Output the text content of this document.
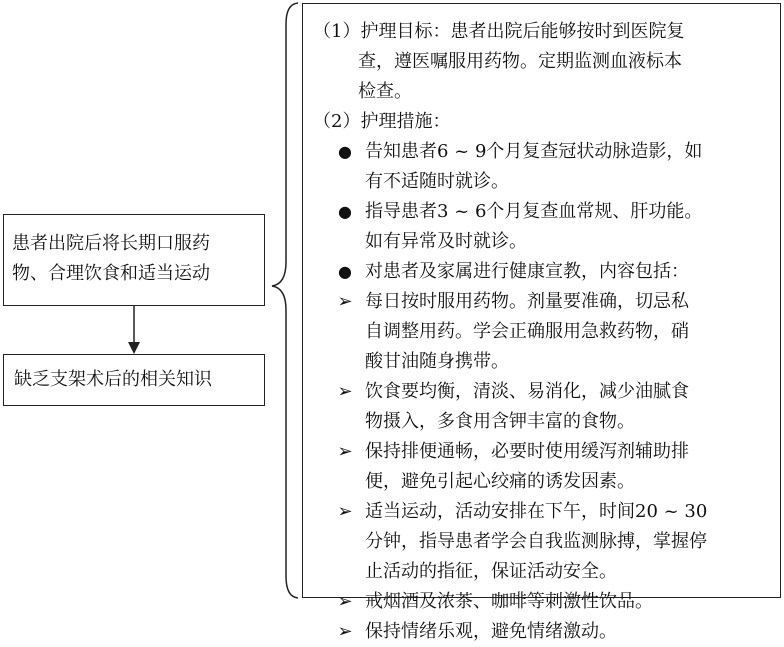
患者出院后将长期口服药
物、合理饮食和适当运动
缺乏支架术后的相关知识
（1）护理目标：患者出院后能够按时到医院复
查，遵医嘱服用药物。定期监测血液标本
检查。
（2）护理措施：
● 告知患者6 ~ 9个月复查冠状动脉造影，如
有不适随时就诊。
● 指导患者3 ~ 6个月复查血常规、肝功能。
如有异常及时就诊。
● 对患者及家属进行健康宣教，内容包括：
➢ 每日按时服用药物。剂量要准确，切忌私
自调整用药。学会正确服用急救药物，硝
酸甘油随身携带。
➢ 饮食要均衡，清淡、易消化，减少油腻食
物摄入，多食用含钾丰富的食物。
➢ 保持排便通畅，必要时使用缓泻剂辅助排
便，避免引起心绞痛的诱发因素。
➢ 适当运动，活动安排在下午，时间20 ~ 30
分钟，指导患者学会自我监测脉搏，掌握停
止活动的指征，保证活动安全。
➢ 戒烟酒及浓茶、咖啡等刺激性饮品。
➢ 保持情绪乐观，避免情绪激动。
